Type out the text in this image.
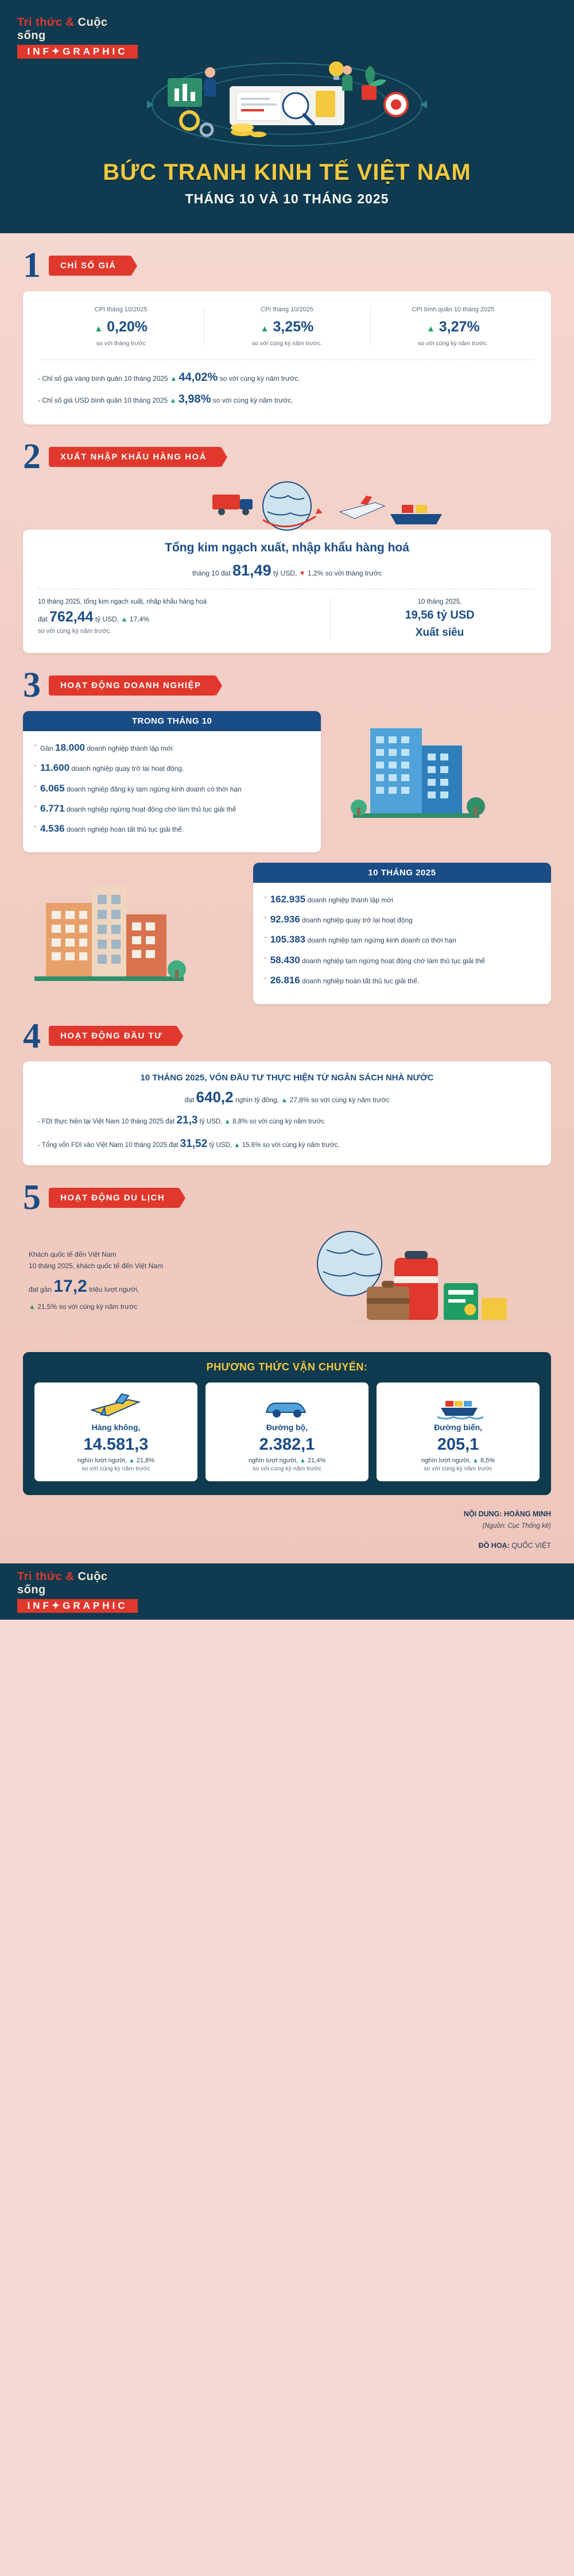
Tri thức & Cuộc sống
INF✦GRAPHIC
BỨC TRANH KINH TẾ VIỆT NAM
THÁNG 10 VÀ 10 THÁNG 2025
1	CHỈ SỐ GIÁ
CPI tháng 10/2025
▲ 0,20%
so với tháng trước
CPI tháng 10/2025
▲ 3,25%
so với cùng kỳ năm trước.
CPI bình quân 10 tháng 2025
▲ 3,27%
so với cùng kỳ năm trước.
- Chỉ số giá vàng bình quân 10 tháng 2025 ▲ 44,02% so với cùng kỳ năm trước.
- Chỉ số giá USD bình quân 10 tháng 2025 ▲ 3,98% so với cùng kỳ năm trước.
2	XUẤT NHẬP KHẨU HÀNG HOÁ
Tổng kim ngạch xuất, nhập khẩu hàng hoá
tháng 10 đạt 81,49 tỷ USD, ▼ 1,2% so với tháng trước
10 tháng 2025, tổng kim ngạch xuất, nhập khẩu hàng hoá
đạt 762,44 tỷ USD, ▲ 17,4%
so với cùng kỳ năm trước.
10 tháng 2025,
19,56 tỷ USD
Xuất siêu
3	HOẠT ĐỘNG DOANH NGHIỆP
TRONG THÁNG 10
· Gần 18.000 doanh nghiệp thành lập mới
· 11.600 doanh nghiệp quay trở lại hoạt động.
· 6.065 doanh nghiệp đăng ký tạm ngừng kinh doanh có thời hạn
· 6.771 doanh nghiệp ngừng hoạt động chờ làm thủ tục giải thể
· 4.536 doanh nghiệp hoàn tất thủ tục giải thể.
10 THÁNG 2025
· 162.935 doanh nghiệp thành lập mới
· 92.936 doanh nghiệp quay trở lại hoạt động
· 105.383 doanh nghiệp tạm ngừng kinh doanh có thời hạn
· 58.430 doanh nghiệp tạm ngừng hoạt động chờ làm thủ tục giải thể
· 26.816 doanh nghiệp hoàn tất thủ tục giải thể.
4	HOẠT ĐỘNG ĐẦU TƯ
10 THÁNG 2025, VỐN ĐẦU TƯ THỰC HIỆN TỪ NGÂN SÁCH NHÀ NƯỚC
đạt 640,2 nghìn tỷ đồng, ▲ 27,8% so với cùng kỳ năm trước
- FDI thực hiện tại Việt Nam 10 tháng 2025 đạt 21,3 tỷ USD, ▲ 8,8% so với cùng kỳ năm trước
- Tổng vốn FDI vào Việt Nam 10 tháng 2025 đạt 31,52 tỷ USD, ▲ 15,6% so với cùng kỳ năm trước.
5	HOẠT ĐỘNG DU LỊCH
Khách quốc tế đến Việt Nam
10 tháng 2025, khách quốc tế đến Việt Nam
đạt gần 17,2 triệu lượt người,
▲ 21,5% so với cùng kỳ năm trước
PHƯƠNG THỨC VẬN CHUYỂN:
Hàng không,
14.581,3
nghìn lượt người, ▲ 21,8%
so với cùng kỳ năm trước
Đường bộ,
2.382,1
nghìn lượt người, ▲ 21,4%
so với cùng kỳ năm trước
Đường biển,
205,1
nghìn lượt người, ▲ 8,5%
so với cùng kỳ năm trước
NỘI DUNG: HOÀNG MINH
(Nguồn: Cục Thống kê)
ĐỒ HOẠ: QUỐC VIỆT
Tri thức & Cuộc sống
INF✦GRAPHIC
